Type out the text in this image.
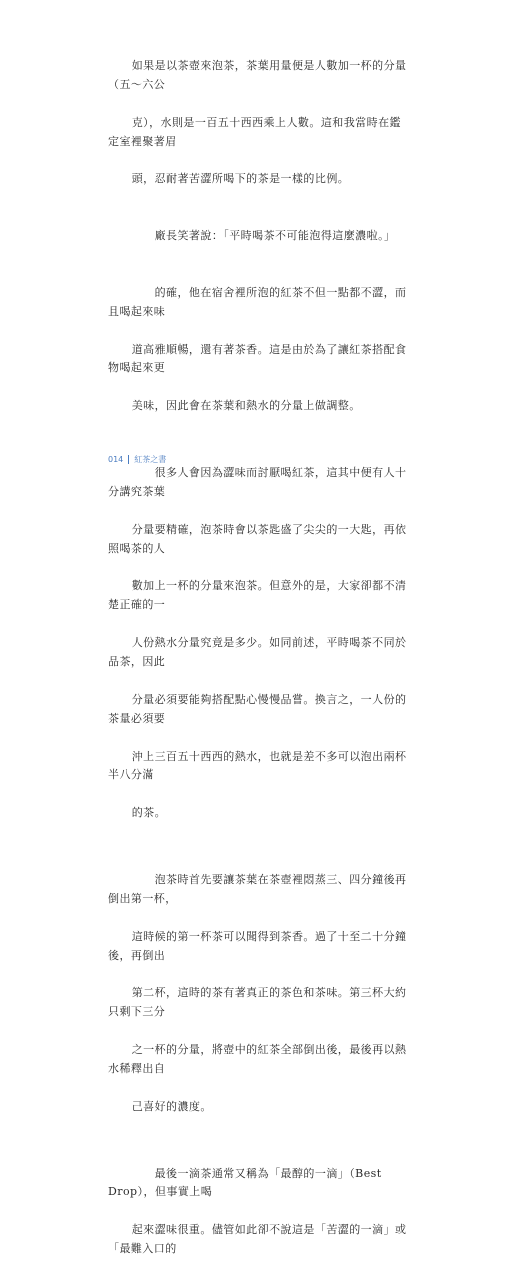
如果是以茶壺來泡茶，茶葉用量便是人數加一杯的分量（五～六公

克），水則是一百五十西西乘上人數。這和我當時在鑑定室裡聚著眉

頭，忍耐著苦澀所喝下的茶是一樣的比例。

　　廠長笑著說：「平時喝茶不可能泡得這麼濃啦。」

　　的確，他在宿舍裡所泡的紅茶不但一點都不澀，而且喝起來味

道高雅順暢，還有著茶香。這是由於為了讓紅茶搭配食物喝起來更

美味，因此會在茶葉和熱水的分量上做調整。

　　很多人會因為澀味而討厭喝紅茶，這其中便有人十分講究茶葉

分量要精確，泡茶時會以茶匙盛了尖尖的一大匙，再依照喝茶的人

數加上一杯的分量來泡茶。但意外的是，大家卻都不清楚正確的一

人份熱水分量究竟是多少。如同前述，平時喝茶不同於品茶，因此

分量必須要能夠搭配點心慢慢品嘗。換言之，一人份的茶量必須要

沖上三百五十西西的熱水，也就是差不多可以泡出兩杯半八分滿

的茶。

　　泡茶時首先要讓茶葉在茶壺裡悶蒸三、四分鐘後再倒出第一杯，

這時候的第一杯茶可以聞得到茶香。過了十至二十分鐘後，再倒出

第二杯，這時的茶有著真正的茶色和茶味。第三杯大約只剩下三分

之一杯的分量，將壺中的紅茶全部倒出後，最後再以熱水稀釋出自

己喜好的濃度。

　　最後一滴茶通常又稱為「最醇的一滴」（Best Drop），但事實上喝

起來澀味很重。儘管如此卻不說這是「苦澀的一滴」或「最難入口的

014 紅茶之書
